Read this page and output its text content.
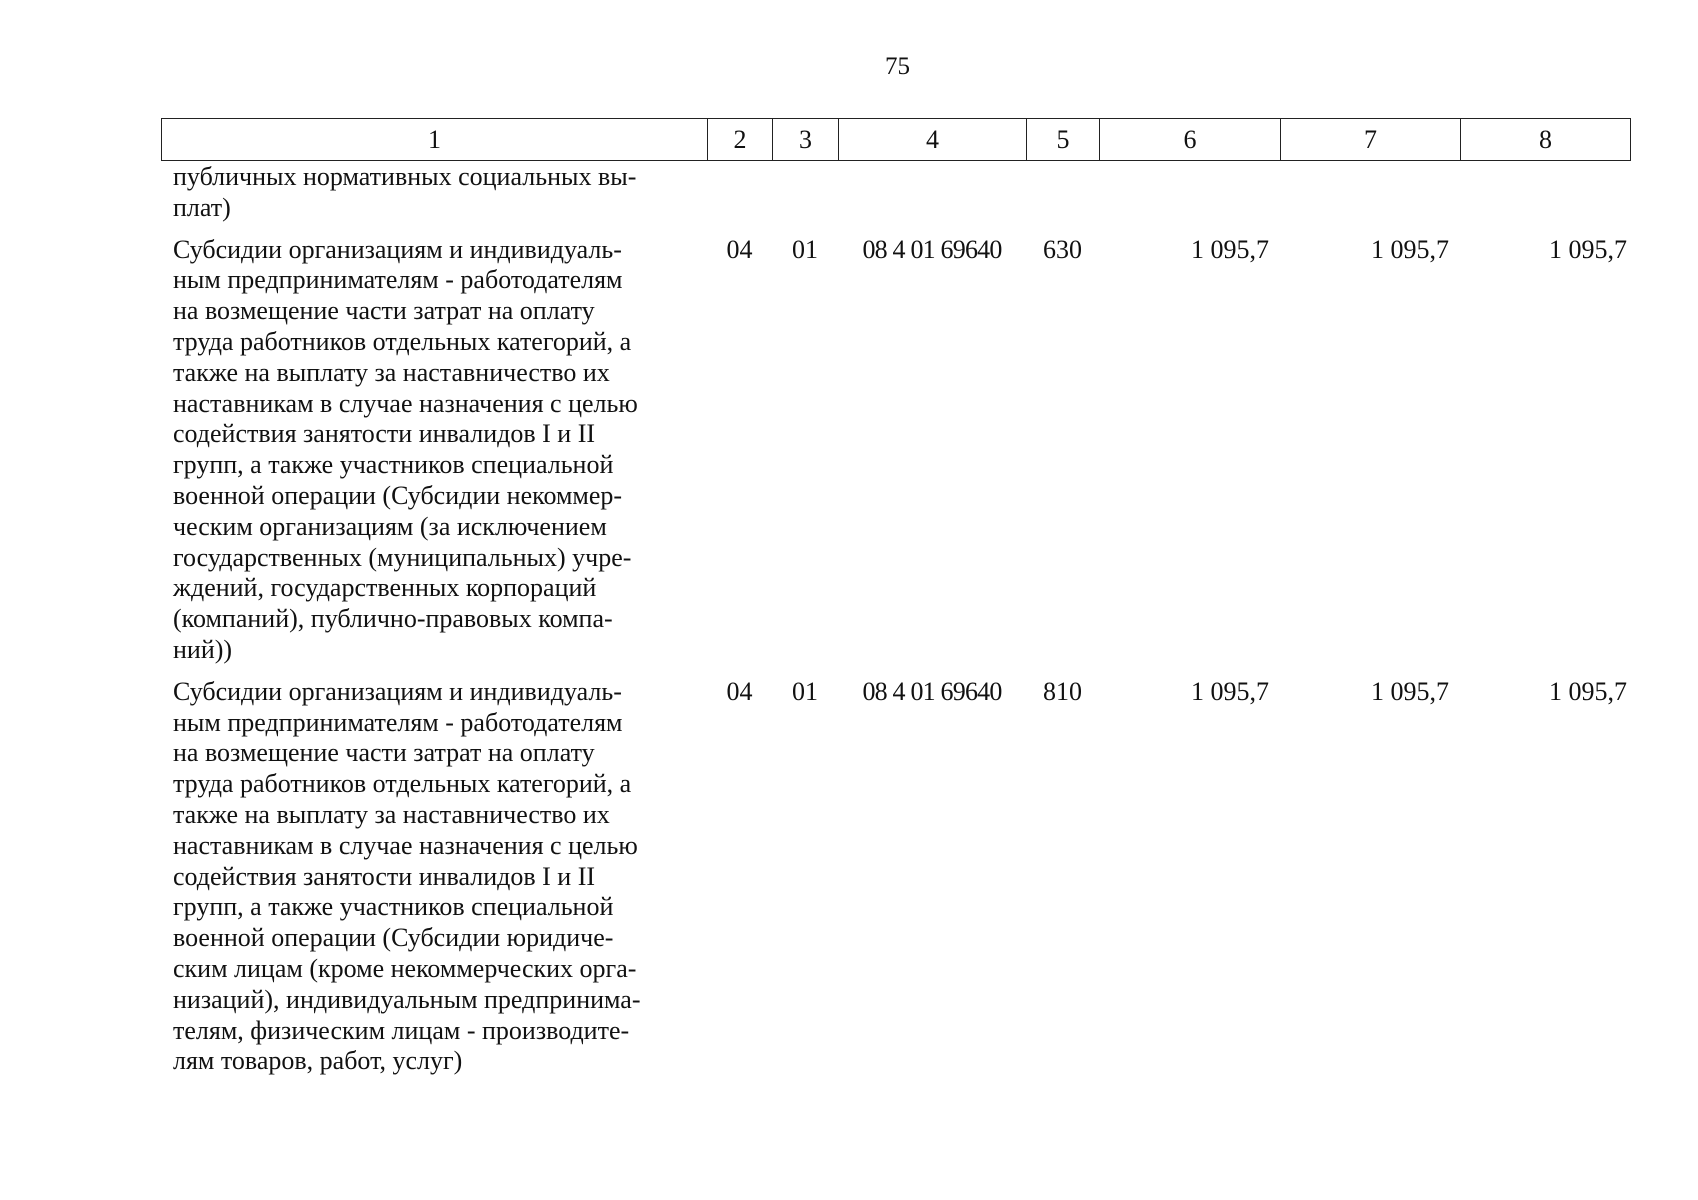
75
1	2	3	4	5	6	7	8
публичных нормативных социальных вы-
плат)
Субсидии организациям и индивидуаль-
ным предпринимателям - работодателям
на возмещение части затрат на оплату
труда работников отдельных категорий, а
также на выплату за наставничество их
наставникам в случае назначения с целью
содействия занятости инвалидов I и II
групп, а также участников специальной
военной операции (Субсидии некоммер-
ческим организациям (за исключением
государственных (муниципальных) учре-
ждений, государственных корпораций
(компаний), публично-правовых компа-
ний))
04	01	08 4 01 69640	630	1 095,7	1 095,7	1 095,7
Субсидии организациям и индивидуаль-
ным предпринимателям - работодателям
на возмещение части затрат на оплату
труда работников отдельных категорий, а
также на выплату за наставничество их
наставникам в случае назначения с целью
содействия занятости инвалидов I и II
групп, а также участников специальной
военной операции (Субсидии юридиче-
ским лицам (кроме некоммерческих орга-
низаций), индивидуальным предпринима-
телям, физическим лицам - производите-
лям товаров, работ, услуг)
04	01	08 4 01 69640	810	1 095,7	1 095,7	1 095,7
